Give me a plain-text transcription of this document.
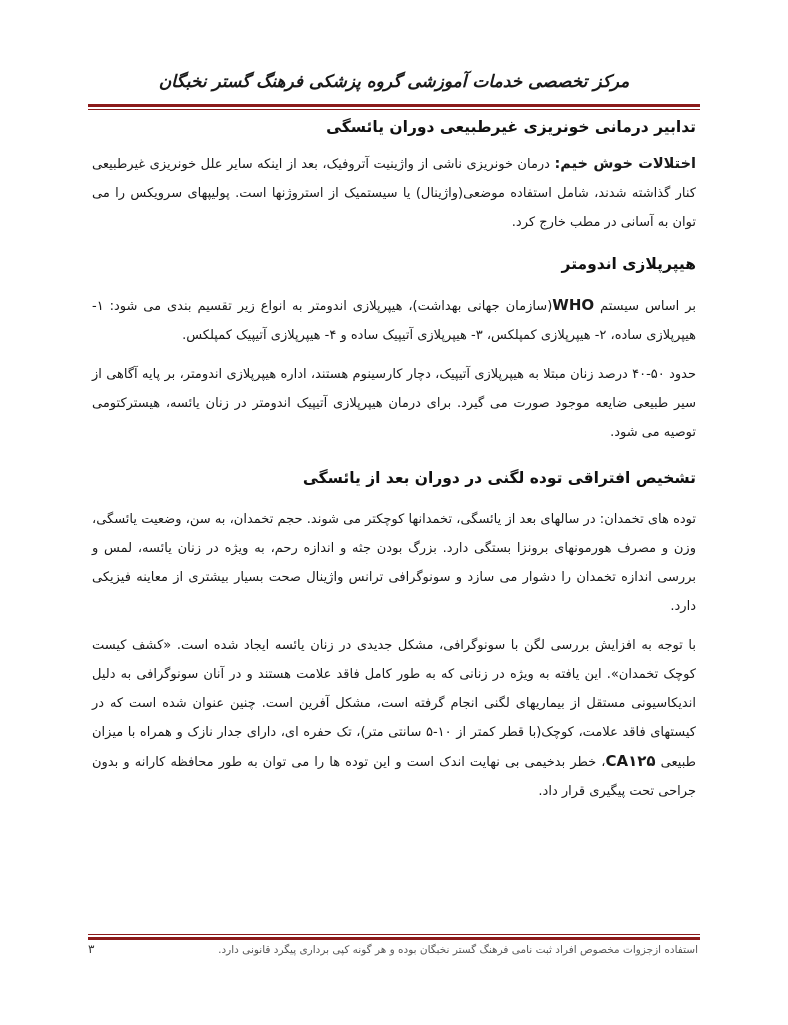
مرکز تخصصی خدمات آموزشی گروه پزشکی فرهنگ گستر نخبگان
تدابیر درمانی خونریزی غیرطبیعی دوران یائسگی

اختلالات خوش خیم: درمان خونریزی ناشی از واژینیت آتروفیک، بعد از اینکه سایر علل خونریزی غیرطبیعی کنار گذاشته شدند، شامل استفاده موضعی(واژینال) یا سیستمیک از استروژنها است. پولیپهای سرویکس را می توان به آسانی در مطب خارج کرد.

هیپرپلازی اندومتر

بر اساس سیستم WHO(سازمان جهانی بهداشت)، هیپرپلازی اندومتر به انواع زیر تقسیم بندی می شود: ۱- هیپرپلازی ساده، ۲- هیپرپلازی کمپلکس، ۳- هیپرپلازی آتیپیک ساده و ۴- هیپرپلازی آتیپیک کمپلکس.

حدود ۵۰-۴۰ درصد زنان مبتلا به هیپرپلازی آتیپیک، دچار کارسینوم هستند، اداره هیپرپلازی اندومتر، بر پایه آگاهی از سیر طبیعی ضایعه موجود صورت می گیرد. برای درمان هیپرپلازی آتیپیک اندومتر در زنان یائسه، هیسترکتومی توصیه می شود.

تشخیص افتراقی توده لگنی در دوران بعد از یائسگی

توده های تخمدان: در سالهای بعد از یائسگی، تخمدانها کوچکتر می شوند. حجم تخمدان، به سن، وضعیت یائسگی، وزن و مصرف هورمونهای برونزا بستگی دارد. بزرگ بودن جثه و اندازه رحم، به ویژه در زنان یائسه، لمس و بررسی اندازه تخمدان را دشوار می سازد و سونوگرافی ترانس واژینال صحت بسیار بیشتری از معاینه فیزیکی دارد.

با توجه به افزایش بررسی لگن با سونوگرافی، مشکل جدیدی در زنان یائسه ایجاد شده است. «کشف کیست کوچک تخمدان». این یافته به ویژه در زنانی که به طور کامل فاقد علامت هستند و در آنان سونوگرافی به دلیل اندیکاسیونی مستقل از بیماریهای لگنی انجام گرفته است، مشکل آفرین است. چنین عنوان شده است که در کیستهای فاقد علامت، کوچک(با قطر کمتر از ۱۰-۵ سانتی متر)، تک حفره ای، دارای جدار نازک و همراه با میزان طبیعی CA۱۲۵، خطر بدخیمی بی نهایت اندک است و این توده ها را می توان به طور محافظه کارانه و بدون جراحی تحت پیگیری قرار داد.

استفاده ازجزوات مخصوص افراد ثبت نامی فرهنگ گستر نخبگان بوده و هر گونه کپی برداری پیگرد قانونی دارد.
۳
